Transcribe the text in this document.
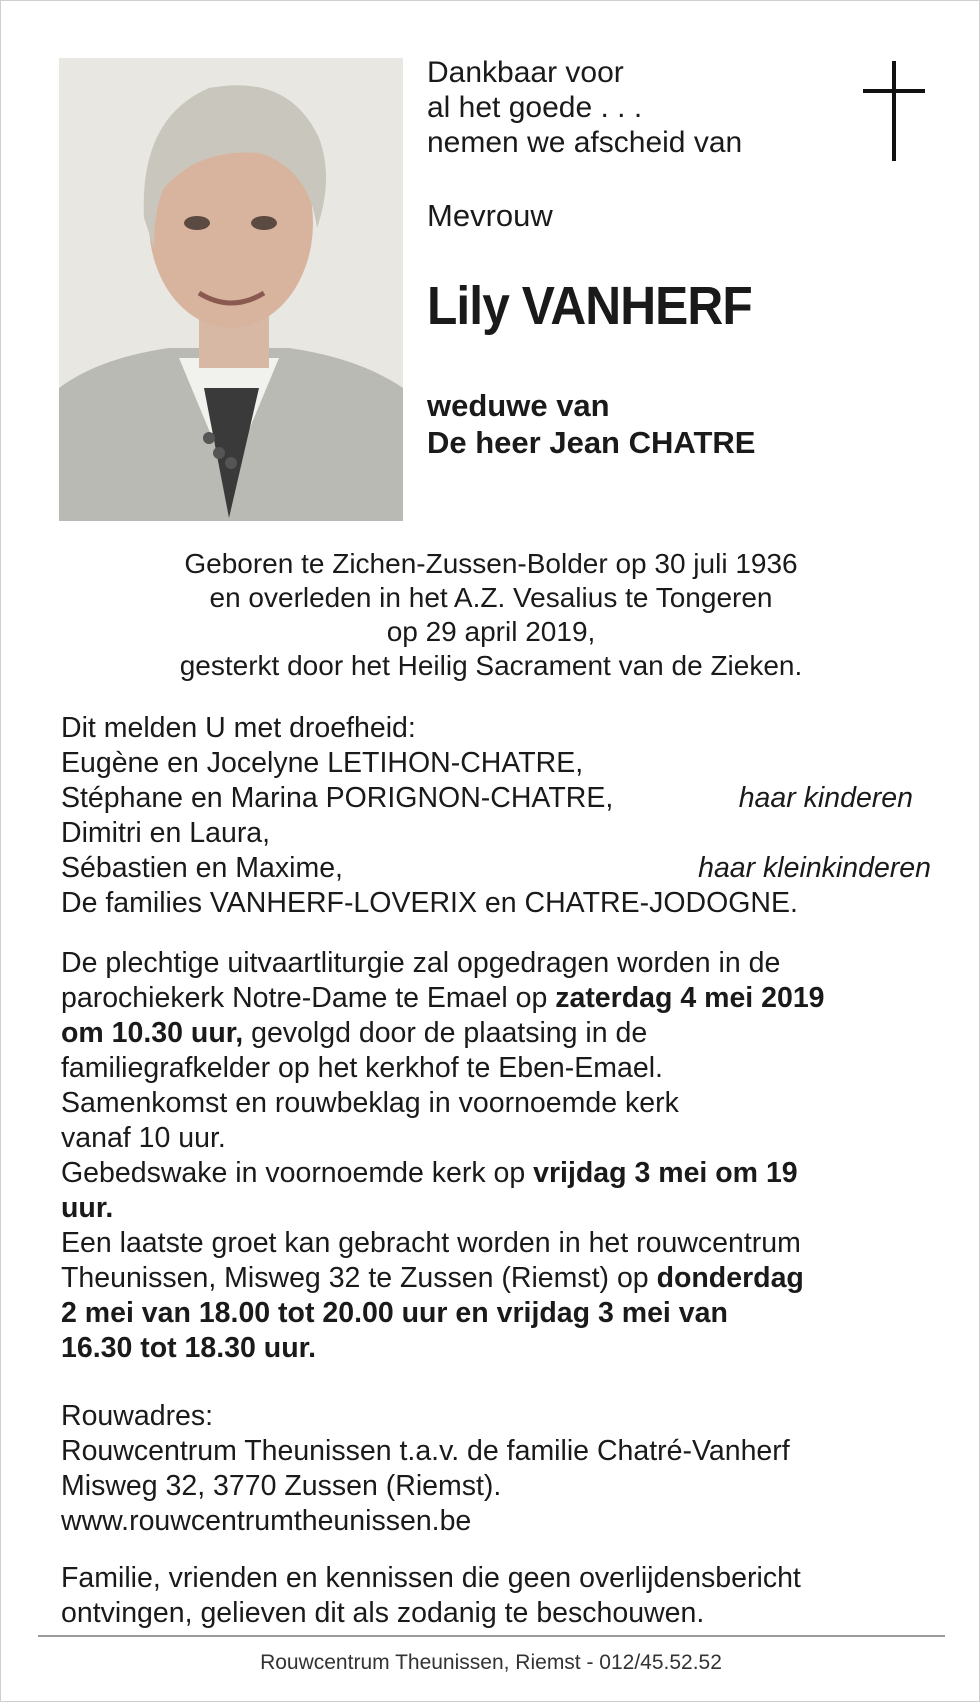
Dankbaar voor
al het goede . . .
nemen we afscheid van
Mevrouw
Lily VANHERF
weduwe van
De heer Jean CHATRE
Geboren te Zichen-Zussen-Bolder op 30 juli 1936
en overleden in het A.Z. Vesalius te Tongeren
op 29 april 2019,
gesterkt door het Heilig Sacrament van de Zieken.
Dit melden U met droefheid:
Eugène en Jocelyne LETIHON-CHATRE,
Stéphane en Marina PORIGNON-CHATRE,	haar kinderen
Dimitri en Laura,
Sébastien en Maxime,	haar kleinkinderen
De families VANHERF-LOVERIX en CHATRE-JODOGNE.
De plechtige uitvaartliturgie zal opgedragen worden in de
parochiekerk Notre-Dame te Emael op zaterdag 4 mei 2019
om 10.30 uur, gevolgd door de plaatsing in de
familiegrafkelder op het kerkhof te Eben-Emael.
Samenkomst en rouwbeklag in voornoemde kerk
vanaf 10 uur.
Gebedswake in voornoemde kerk op vrijdag 3 mei om 19
uur.
Een laatste groet kan gebracht worden in het rouwcentrum
Theunissen, Misweg 32 te Zussen (Riemst) op donderdag
2 mei van 18.00 tot 20.00 uur en vrijdag 3 mei van
16.30 tot 18.30 uur.
Rouwadres:
Rouwcentrum Theunissen t.a.v. de familie Chatré-Vanherf
Misweg 32, 3770 Zussen (Riemst).
www.rouwcentrumtheunissen.be
Familie, vrienden en kennissen die geen overlijdensbericht
ontvingen, gelieven dit als zodanig te beschouwen.
Rouwcentrum Theunissen, Riemst - 012/45.52.52
